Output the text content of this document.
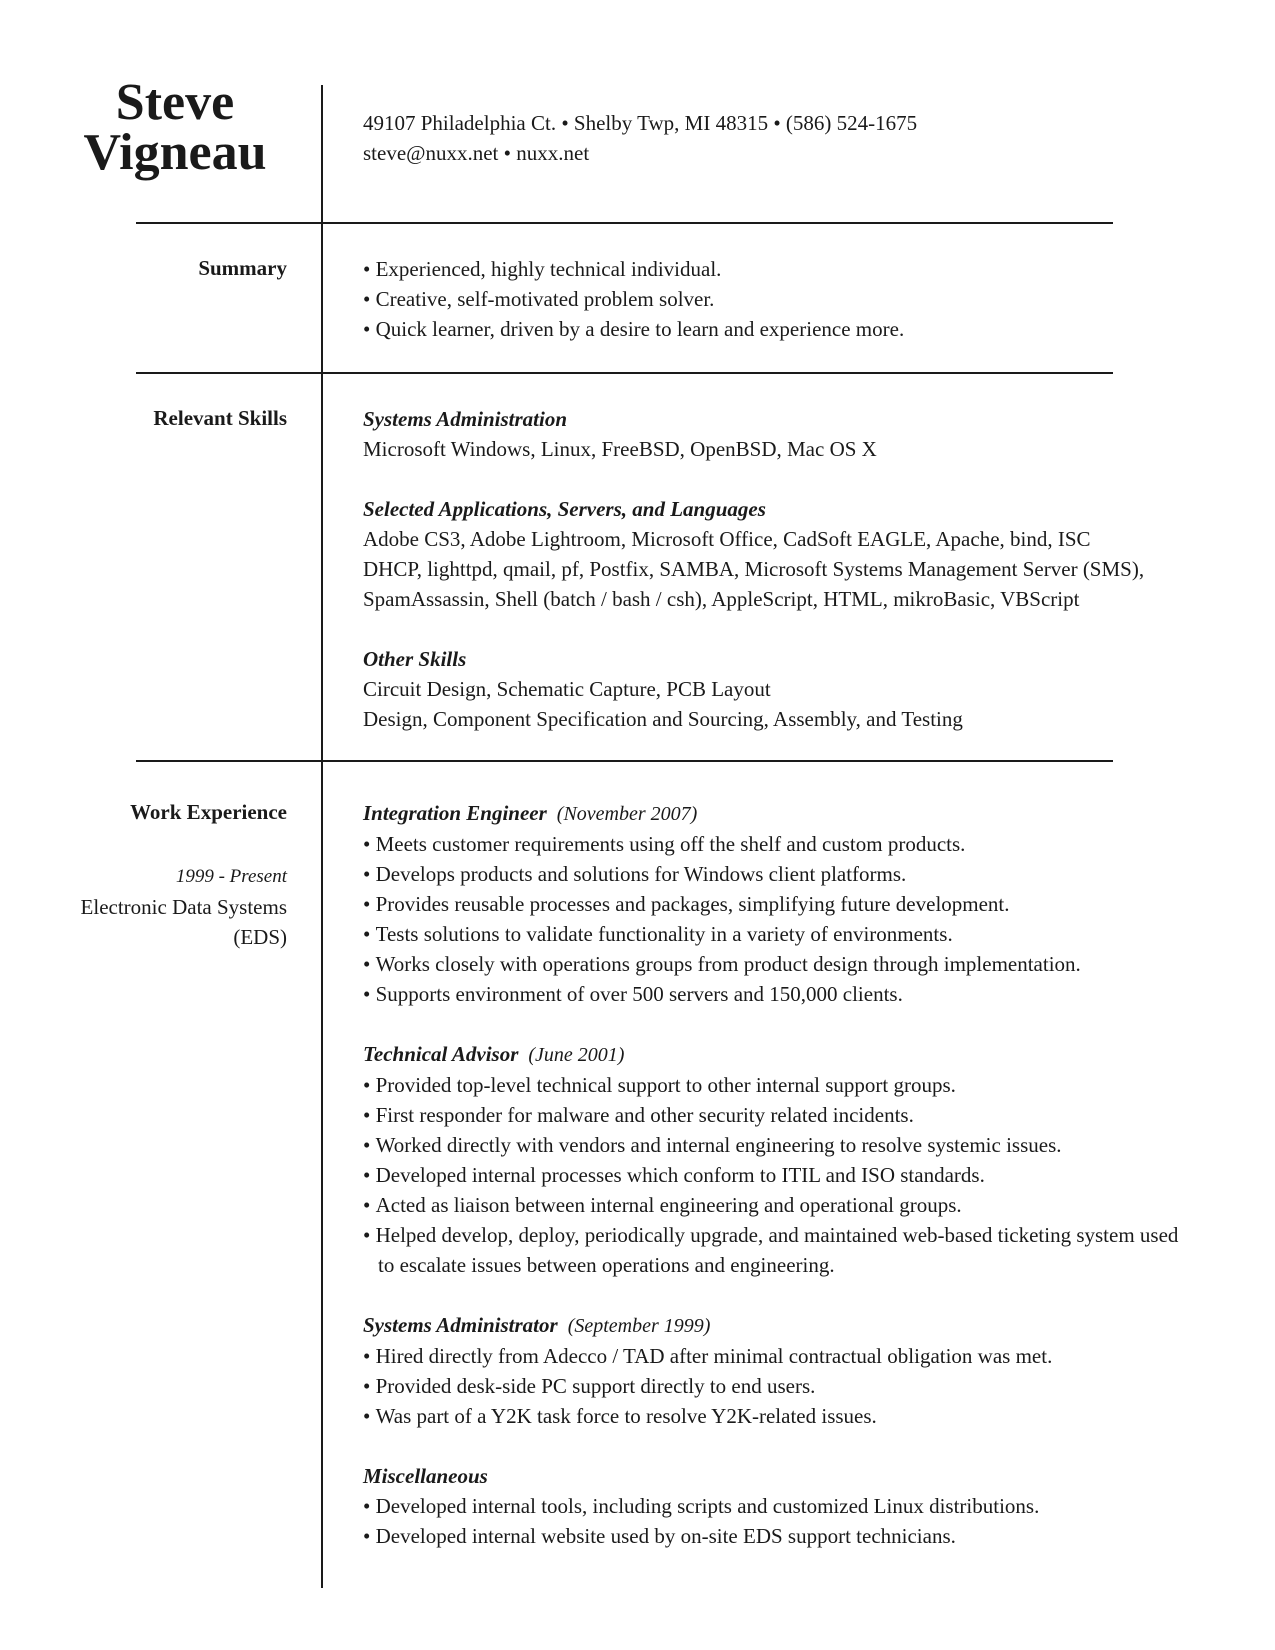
Steve
Vigneau
49107 Philadelphia Ct. • Shelby Twp, MI 48315 • (586) 524-1675
steve@nuxx.net • nuxx.net
Summary
•	Experienced, highly technical individual.
• Creative, self-motivated problem solver.
• Quick learner, driven by a desire to learn and experience more.
Relevant Skills	Systems Administration

Microsoft Windows, Linux, FreeBSD, OpenBSD, Mac OS X

Selected Applications, Servers, and Languages

Adobe CS3, Adobe Lightroom, Microsoft Office, CadSoft EAGLE, Apache, bind, ISC

DHCP, lighttpd, qmail, pf, Postfix, SAMBA, Microsoft Systems Management Server (SMS),

SpamAssassin, Shell (batch / bash / csh), AppleScript, HTML, mikroBasic, VBScript

Other Skills

Circuit Design, Schematic Capture, PCB Layout

Design, Component Specification and Sourcing, Assembly, and Testing

Work Experience
1999 - Present
Electronic Data Systems
(EDS)

Integration Engineer (November 2007)

• Meets customer requirements using off the shelf and custom products.
• Develops products and solutions for Windows client platforms.
• Provides reusable processes and packages, simplifying future development.
• Tests solutions to validate functionality in a variety of environments.
• Works closely with operations groups from product design through implementation.
• Supports environment of over 500 servers and 150,000 clients.

Technical Advisor (June 2001)

• Provided top-level technical support to other internal support groups.
• First responder for malware and other security related incidents.
• Worked directly with vendors and internal engineering to resolve systemic issues.
• Developed internal processes which conform to ITIL and ISO standards.
• Acted as liaison between internal engineering and operational groups.
• Helped develop, deploy, periodically upgrade, and maintained web-based ticketing system used to escalate issues between operations and engineering.

Systems Administrator (September 1999)

• Hired directly from Adecco / TAD after minimal contractual obligation was met.
• Provided desk-side PC support directly to end users.
• Was part of a Y2K task force to resolve Y2K-related issues.

Miscellaneous

• Developed internal tools, including scripts and customized Linux distributions.
• Developed internal website used by on-site EDS support technicians.
